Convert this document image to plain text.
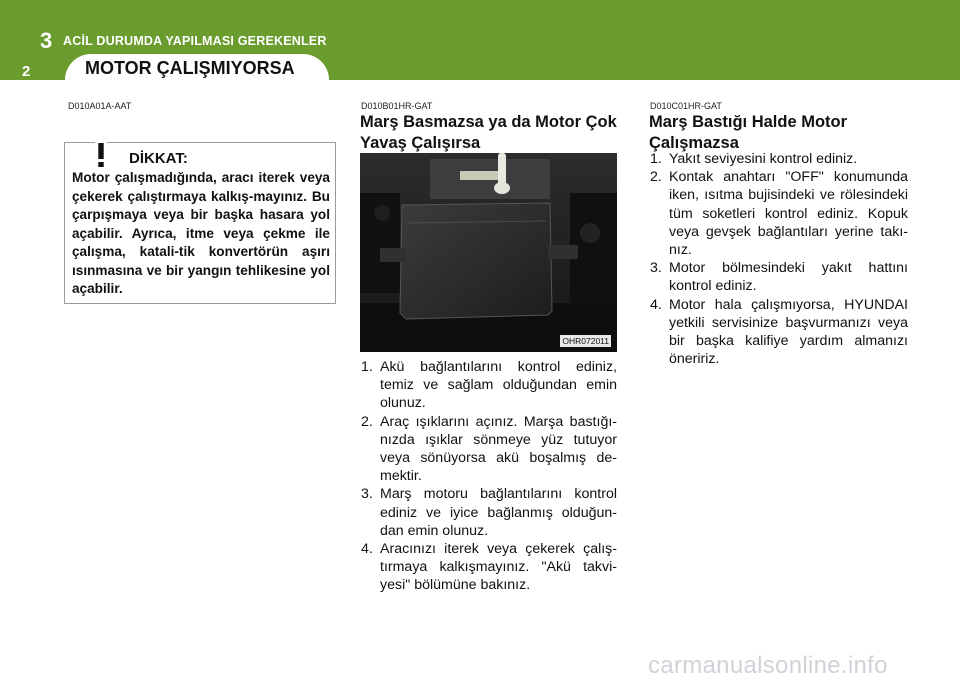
3 ACİL DURUMDA YAPILMASI GEREKENLER
2	MOTOR ÇALIŞMIYORSA
D010A01A-AAT
DİKKAT:
Motor çalışmadığında, aracı iterek veya çekerek çalıştırmaya kalkış-mayınız. Bu çarpışmaya veya bir başka hasara yol açabilir. Ayrıca, itme veya çekme ile çalışma, katali-tik konvertörün aşırı ısınmasına ve bir yangın tehlikesine yol açabilir.
D010B01HR-GAT
Marş Basmazsa ya da Motor Çok
Yavaş Çalışırsa
OHR072011
1. Akü bağlantılarını kontrol ediniz, temiz ve sağlam olduğundan emin olunuz.
2. Araç ışıklarını açınız. Marşa bastığı-nızda ışıklar sönmeye yüz tutuyor veya sönüyorsa akü boşalmış de-mektir.
3. Marş motoru bağlantılarını kontrol ediniz ve iyice bağlanmış olduğun-dan emin olunuz.
4. Aracınızı iterek veya çekerek çalış-tırmaya kalkışmayınız. "Akü takvi-yesi" bölümüne bakınız.
D010C01HR-GAT
Marş Bastığı Halde Motor
Çalışmazsa
1. Yakıt seviyesini kontrol ediniz.
2. Kontak anahtarı "OFF" konumunda iken, ısıtma bujisindeki ve rölesindeki tüm soketleri kontrol ediniz. Kopuk veya gevşek bağlantıları yerine takı-nız.
3. Motor bölmesindeki yakıt hattını kontrol ediniz.
4. Motor hala çalışmıyorsa, HYUNDAI yetkili servisinize başvurmanızı veya bir başka kalifiye yardım almanızı öneririz.
carmanualsonline.info
